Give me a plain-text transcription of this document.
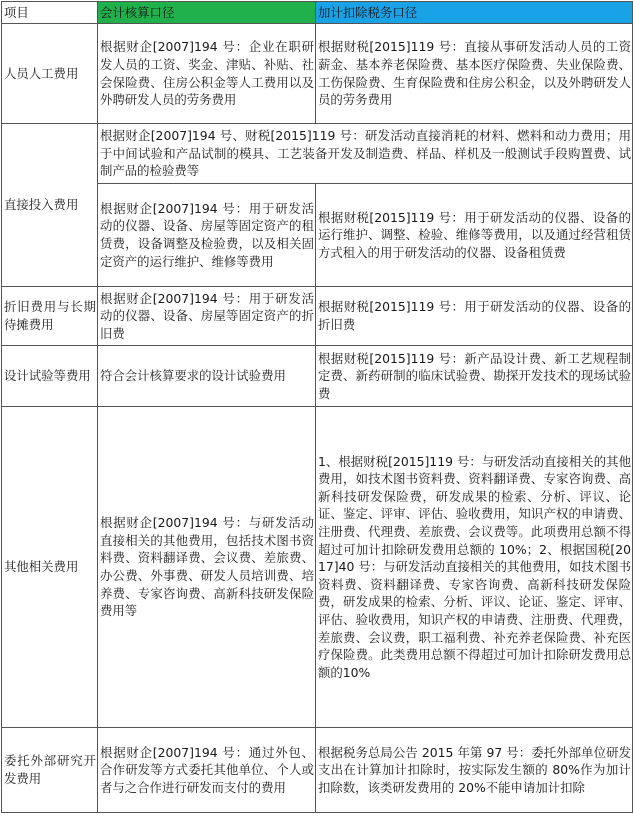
项目	会计核算口径	加计扣除税务口径
人员人工费用	根据财企[2007]194 号：企业在职研发人员的工资、奖金、津贴、补贴、社会保险费、住房公积金等人工费用以及外聘研发人员的劳务费用	根据财税[2015]119 号：直接从事研发活动人员的工资薪金、基本养老保险费、基本医疗保险费、失业保险费、工伤保险费、生育保险费和住房公积金，以及外聘研发人员的劳务费用
直接投入费用	根据财企[2007]194 号、财税[2015]119 号：研发活动直接消耗的材料、燃料和动力费用；用于中间试验和产品试制的模具、工艺装备开发及制造费、样品、样机及一般测试手段购置费、试制产品的检验费等	
	根据财企[2007]194 号：用于研发活动的仪器、设备、房屋等固定资产的租赁费，设备调整及检验费，以及相关固定资产的运行维护、维修等费用	根据财税[2015]119 号：用于研发活动的仪器、设备的运行维护、调整、检验、维修等费用，以及通过经营租赁方式租入的用于研发活动的仪器、设备租赁费
折旧费用与长期待摊费用	根据财企[2007]194 号：用于研发活动的仪器、设备、房屋等固定资产的折旧费	根据财税[2015]119 号：用于研发活动的仪器、设备的折旧费
设计试验等费用	符合会计核算要求的设计试验费用	根据财税[2015]119 号：新产品设计费、新工艺规程制定费、新药研制的临床试验费、勘探开发技术的现场试验费
其他相关费用	根据财企[2007]194 号：与研发活动直接相关的其他费用，包括技术图书资料费、资料翻译费、会议费、差旅费、办公费、外事费、研发人员培训费、培养费、专家咨询费、高新科技研发保险费用等	1、根据财税[2015]119 号：与研发活动直接相关的其他费用，如技术图书资料费、资料翻译费、专家咨询费、高新科技研发保险费，研发成果的检索、分析、评议、论证、鉴定、评审、评估、验收费用，知识产权的申请费、注册费、代理费、差旅费、会议费等。此项费用总额不得超过可加计扣除研发费用总额的 10%；2、根据国税[2017]40 号：与研发活动直接相关的其他费用，如技术图书资料费、资料翻译费、专家咨询费、高新科技研发保险费，研发成果的检索、分析、评议、论证、鉴定、评审、评估、验收费用，知识产权的申请费、注册费、代理费，差旅费、会议费，职工福利费、补充养老保险费、补充医疗保险费。此类费用总额不得超过可加计扣除研发费用总额的10%
委托外部研究开发费用	根据财企[2007]194 号：通过外包、合作研发等方式委托其他单位、个人或者与之合作进行研发而支付的费用	根据税务总局公告 2015 年第 97 号：委托外部单位研发支出在计算加计扣除时，按实际发生额的 80%作为加计扣除数，该类研发费用的 20%不能申请加计扣除
